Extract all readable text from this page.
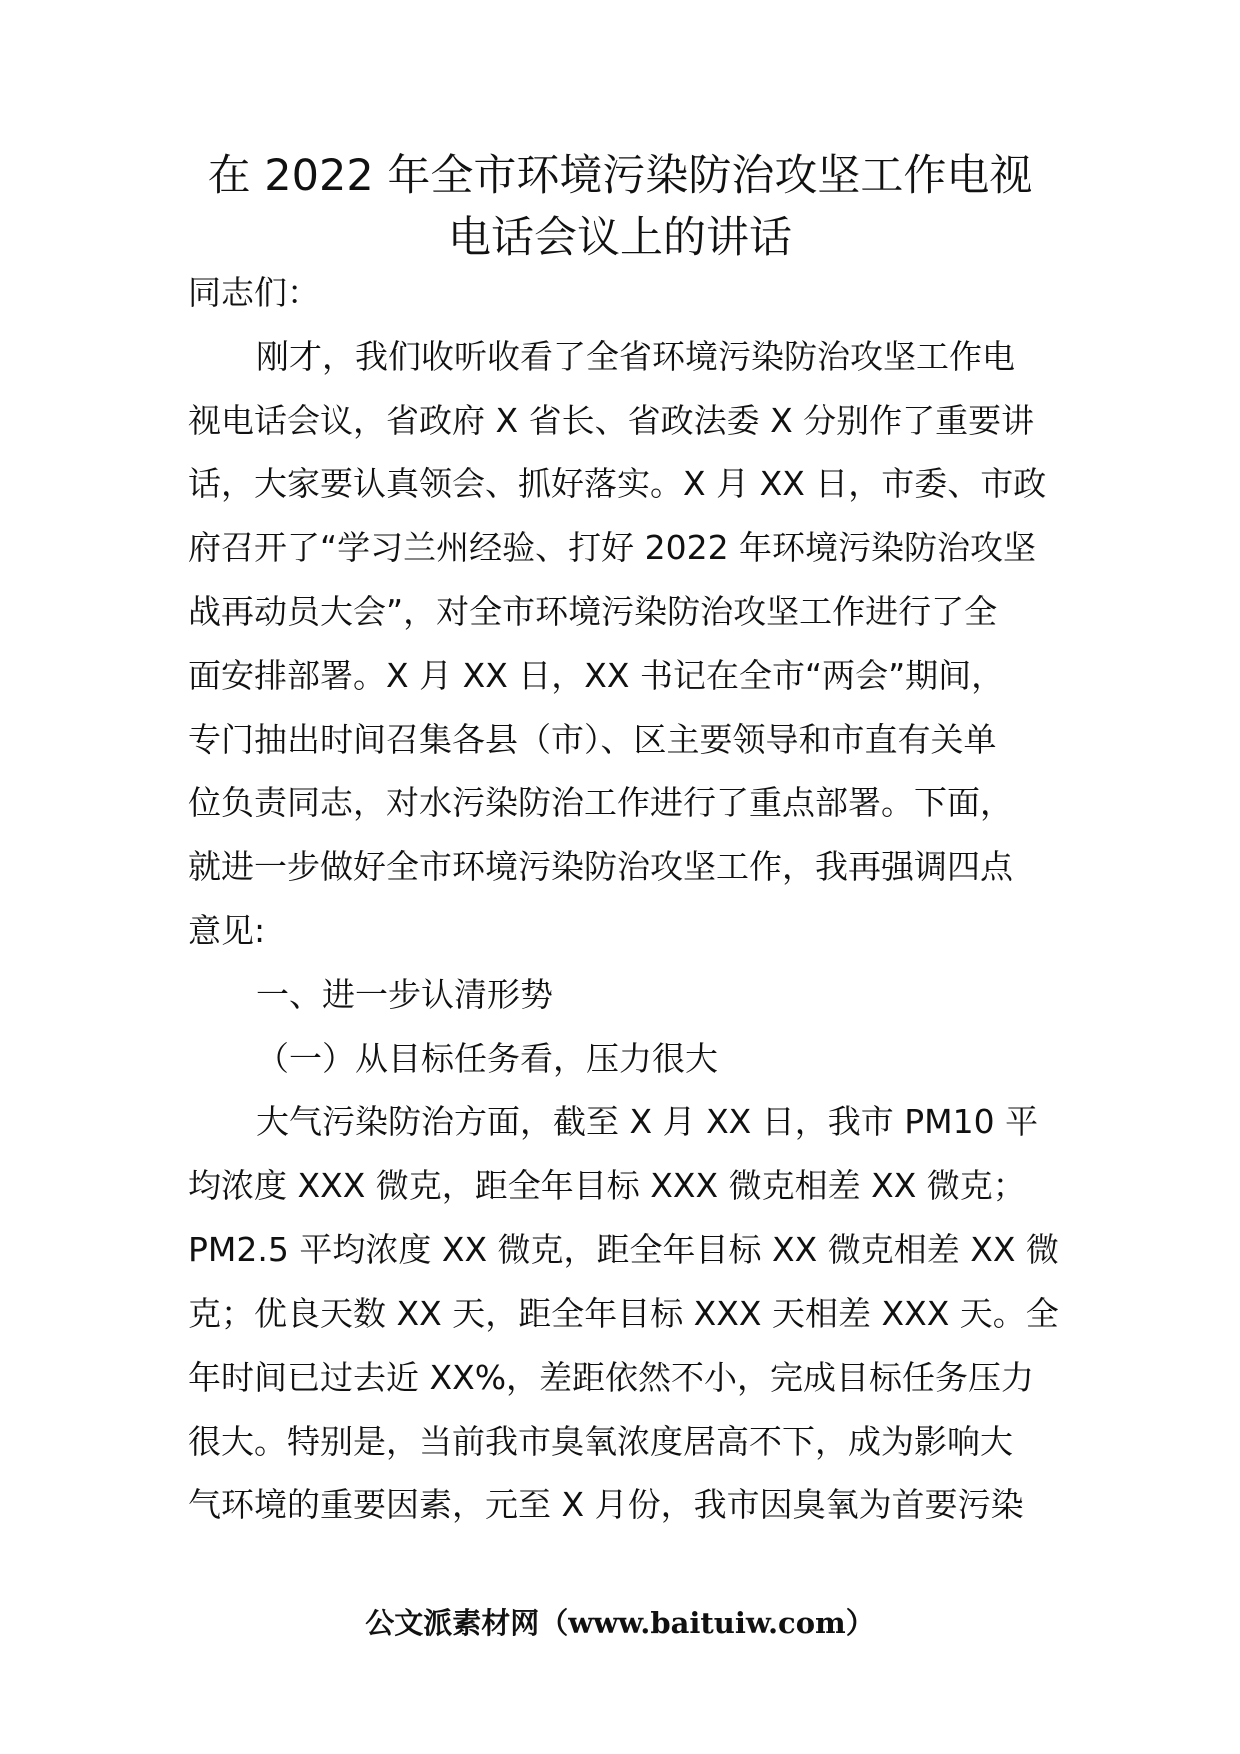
在 2022 年全市环境污染防治攻坚工作电视
电话会议上的讲话

同志们：

刚才，我们收听收看了全省环境污染防治攻坚工作电

视电话会议，省政府 X 省长、省政法委 X 分别作了重要讲

话，大家要认真领会、抓好落实。X 月 XX 日，市委、市政

府召开了“学习兰州经验、打好 2022 年环境污染防治攻坚

战再动员大会”，对全市环境污染防治攻坚工作进行了全

面安排部署。X 月 XX 日，XX 书记在全市“两会”期间，

专门抽出时间召集各县（市）、区主要领导和市直有关单

位负责同志，对水污染防治工作进行了重点部署。下面，

就进一步做好全市环境污染防治攻坚工作，我再强调四点

意见:

一、进一步认清形势

（一）从目标任务看，压力很大

大气污染防治方面，截至 X 月 XX 日，我市 PM10 平

均浓度 XXX 微克，距全年目标 XXX 微克相差 XX 微克；

PM2.5 平均浓度 XX 微克，距全年目标 XX 微克相差 XX 微

克；优良天数 XX 天，距全年目标 XXX 天相差 XXX 天。全

年时间已过去近 XX%，差距依然不小，完成目标任务压力

很大。特别是，当前我市臭氧浓度居高不下，成为影响大

气环境的重要因素，元至 X 月份，我市因臭氧为首要污染

公文派素材网（www.baituiw.com）
